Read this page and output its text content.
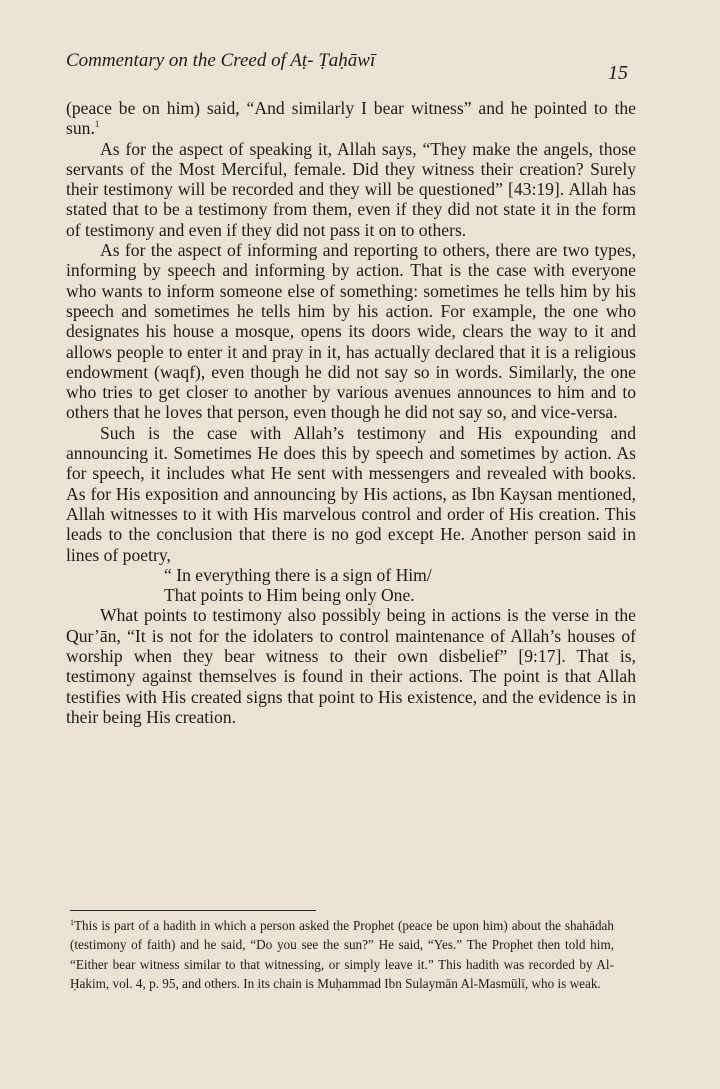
Commentary on the Creed of Aṭ- Ṭaḥāwī
15

(peace be on him) said, “And similarly I bear witness” and he pointed to the sun.$^1$

As for the aspect of speaking it, Allah says, “They make the angels, those servants of the Most Merciful, female. Did they witness their creation? Surely their testimony will be recorded and they will be questioned” [43:19]. Allah has stated that to be a testimony from them, even if they did not state it in the form of testimony and even if they did not pass it on to others.

As for the aspect of informing and reporting to others, there are two types, informing by speech and informing by action. That is the case with everyone who wants to inform someone else of something: sometimes he tells him by his speech and sometimes he tells him by his action. For example, the one who designates his house a mosque, opens its doors wide, clears the way to it and allows people to enter it and pray in it, has actually declared that it is a religious endowment (waqf), even though he did not say so in words. Similarly, the one who tries to get closer to another by various avenues announces to him and to others that he loves that person, even though he did not say so, and vice-versa.

Such is the case with Allah’s testimony and His expounding and announcing it. Sometimes He does this by speech and sometimes by action. As for speech, it includes what He sent with messengers and revealed with books. As for His exposition and announcing by His actions, as Ibn Kaysan mentioned, Allah witnesses to it with His marvelous control and order of His creation. This leads to the conclusion that there is no god except He. Another person said in lines of poetry,

“ In everything there is a sign of Him/

That points to Him being only One.

What points to testimony also possibly being in actions is the verse in the Qur’ān, “It is not for the idolaters to control maintenance of Allah’s houses of worship when they bear witness to their own disbelief” [9:17]. That is, testimony against themselves is found in their actions. The point is that Allah testifies with His created signs that point to His existence, and the evidence is in their being His creation.

$^1$This is part of a hadith in which a person asked the Prophet (peace be upon him) about the shahādah (testimony of faith) and he said, “Do you see the sun?” He said, “Yes.” The Prophet then told him, “Either bear witness similar to that witnessing, or simply leave it.” This hadith was recorded by Al-Ḥakim, vol. 4, p. 95, and others. In its chain is Muḥammad Ibn Sulaymān Al-Masmūlī, who is weak.
